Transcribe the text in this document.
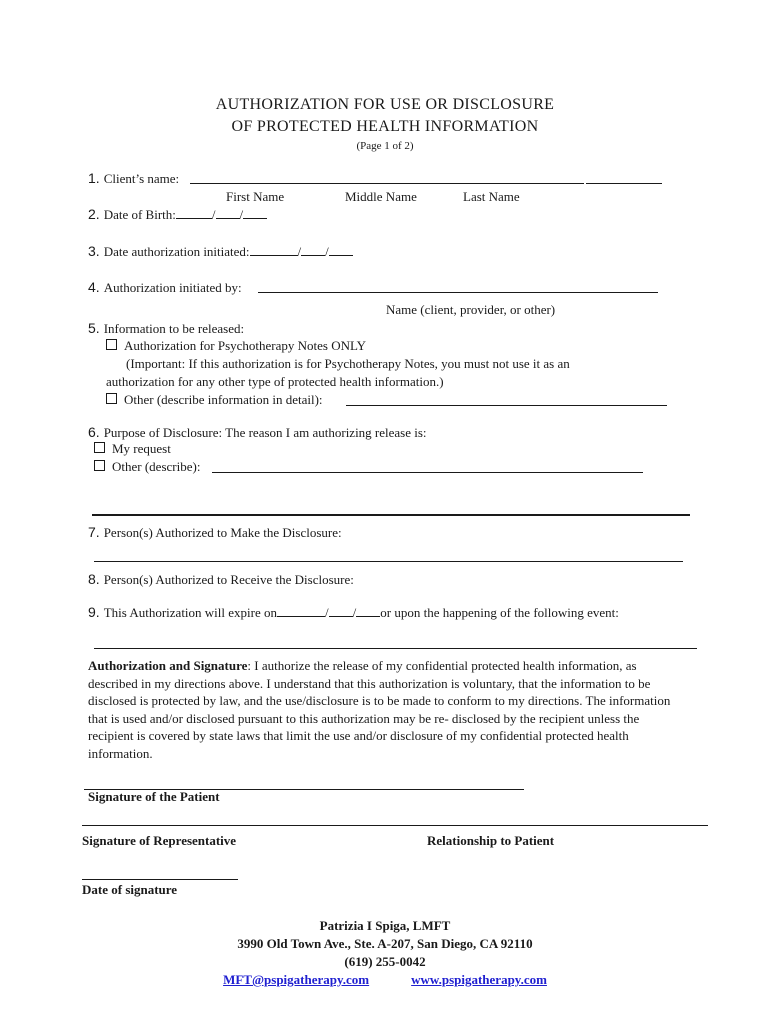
AUTHORIZATION FOR USE OR DISCLOSURE
OF PROTECTED HEALTH INFORMATION
(Page 1 of 2)
1. Client’s name:
First Name	Middle Name	Last Name
2. Date of Birth:	/ /
3. Date authorization initiated:	/ /
4. Authorization initiated by:
Name (client, provider, or other)
5. Information to be released:
Authorization for Psychotherapy Notes ONLY
(Important: If this authorization is for Psychotherapy Notes, you must not use it as an
authorization for any other type of protected health information.)
Other (describe information in detail):
6. Purpose of Disclosure: The reason I am authorizing release is:
My request
Other (describe):
7. Person(s) Authorized to Make the Disclosure:
8. Person(s) Authorized to Receive the Disclosure:
9. This Authorization will expire on	/ / or upon the happening of the following event:
Authorization and Signature: I authorize the release of my confidential protected health information, as described in my directions above. I understand that this authorization is voluntary, that the information to be disclosed is protected by law, and the use/disclosure is to be made to conform to my directions. The information that is used and/or disclosed pursuant to this authorization may be re- disclosed by the recipient unless the recipient is covered by state laws that limit the use and/or disclosure of my confidential protected health information.
Signature of the Patient
Signature of Representative	Relationship to Patient
Date of signature
Patrizia I Spiga, LMFT
3990 Old Town Ave., Ste. A-207, San Diego, CA 92110
(619) 255-0042
MFT@pspigatherapy.com	www.pspigatherapy.com
